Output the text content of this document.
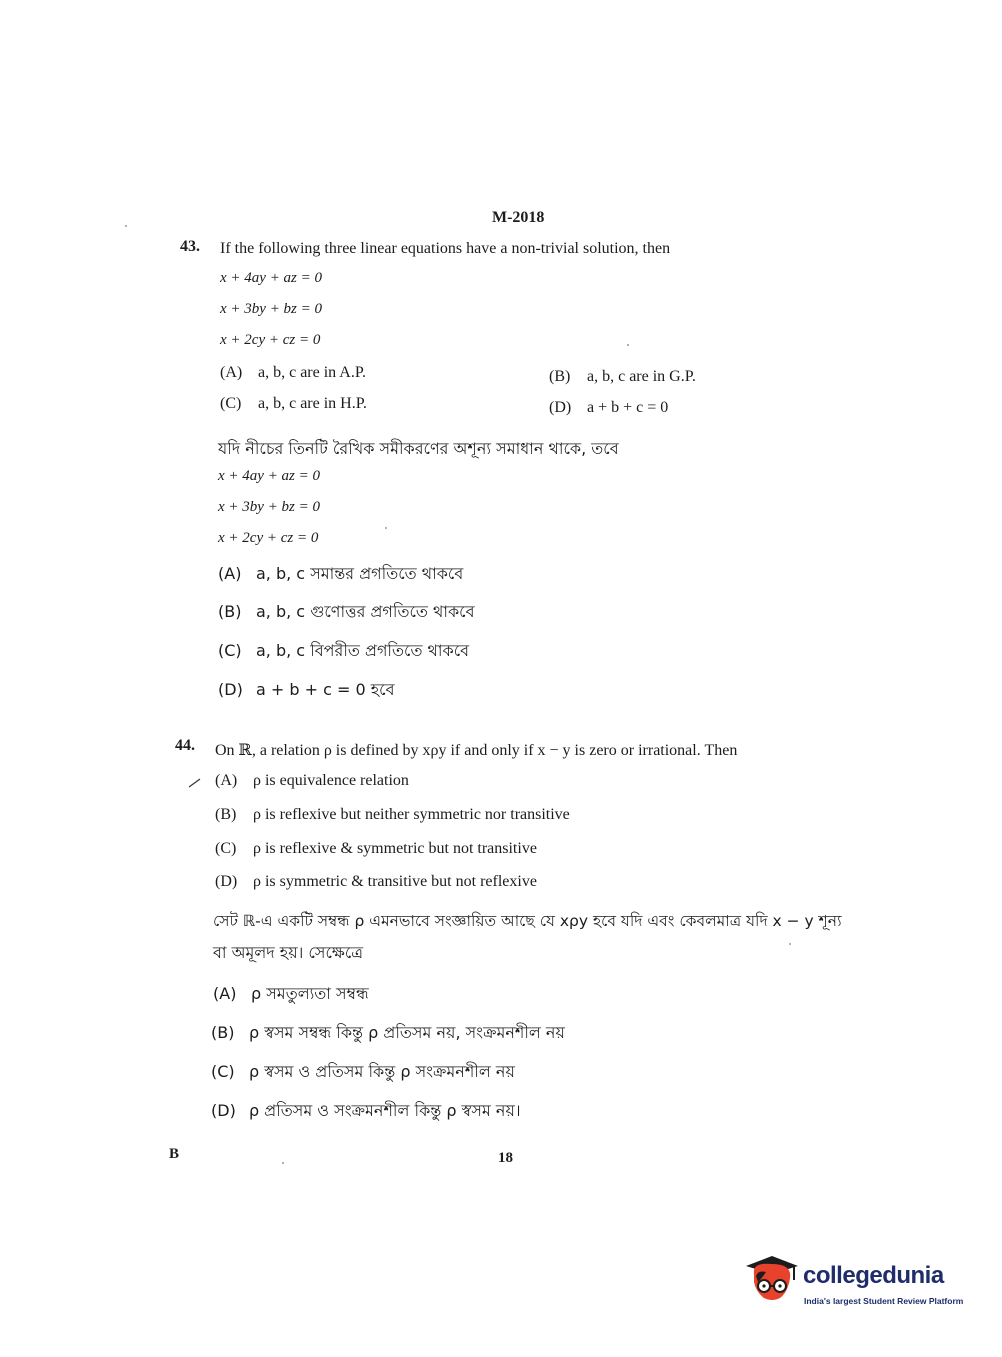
M-2018
43. If the following three linear equations have a non-trivial solution, then
x + 4ay + az = 0
x + 3by + bz = 0
x + 2cy + cz = 0
(A) a, b, c are in A.P.	(B) a, b, c are in G.P.
(C) a, b, c are in H.P.	(D) a + b + c = 0
যদি নীচের তিনটি রৈখিক সমীকরণের অশূন্য সমাধান থাকে, তবে
x + 4ay + az = 0
x + 3by + bz = 0
x + 2cy + cz = 0
(A) a, b, c সমান্তর প্রগতিতে থাকবে
(B) a, b, c গুণোত্তর প্রগতিতে থাকবে
(C) a, b, c বিপরীত প্রগতিতে থাকবে
(D) a + b + c = 0 হবে
44. On ℝ, a relation ρ is defined by xρy if and only if x − y is zero or irrational. Then
(A) ρ is equivalence relation
(B) ρ is reflexive but neither symmetric nor transitive
(C) ρ is reflexive & symmetric but not transitive
(D) ρ is symmetric & transitive but not reflexive
সেট ℝ-এ একটি সম্বন্ধ ρ এমনভাবে সংজ্ঞায়িত আছে যে xρy হবে যদি এবং কেবলমাত্র যদি x − y শূন্য
বা অমূলদ হয়। সেক্ষেত্রে
(A) ρ সমতুল্যতা সম্বন্ধ
(B) ρ স্বসম সম্বন্ধ কিন্তু ρ প্রতিসম নয়, সংক্রমনশীল নয়
(C) ρ স্বসম ও প্রতিসম কিন্তু ρ সংক্রমনশীল নয়
(D) ρ প্রতিসম ও সংক্রমনশীল কিন্তু ρ স্বসম নয়।
B	18
collegedunia
India's largest Student Review Platform
